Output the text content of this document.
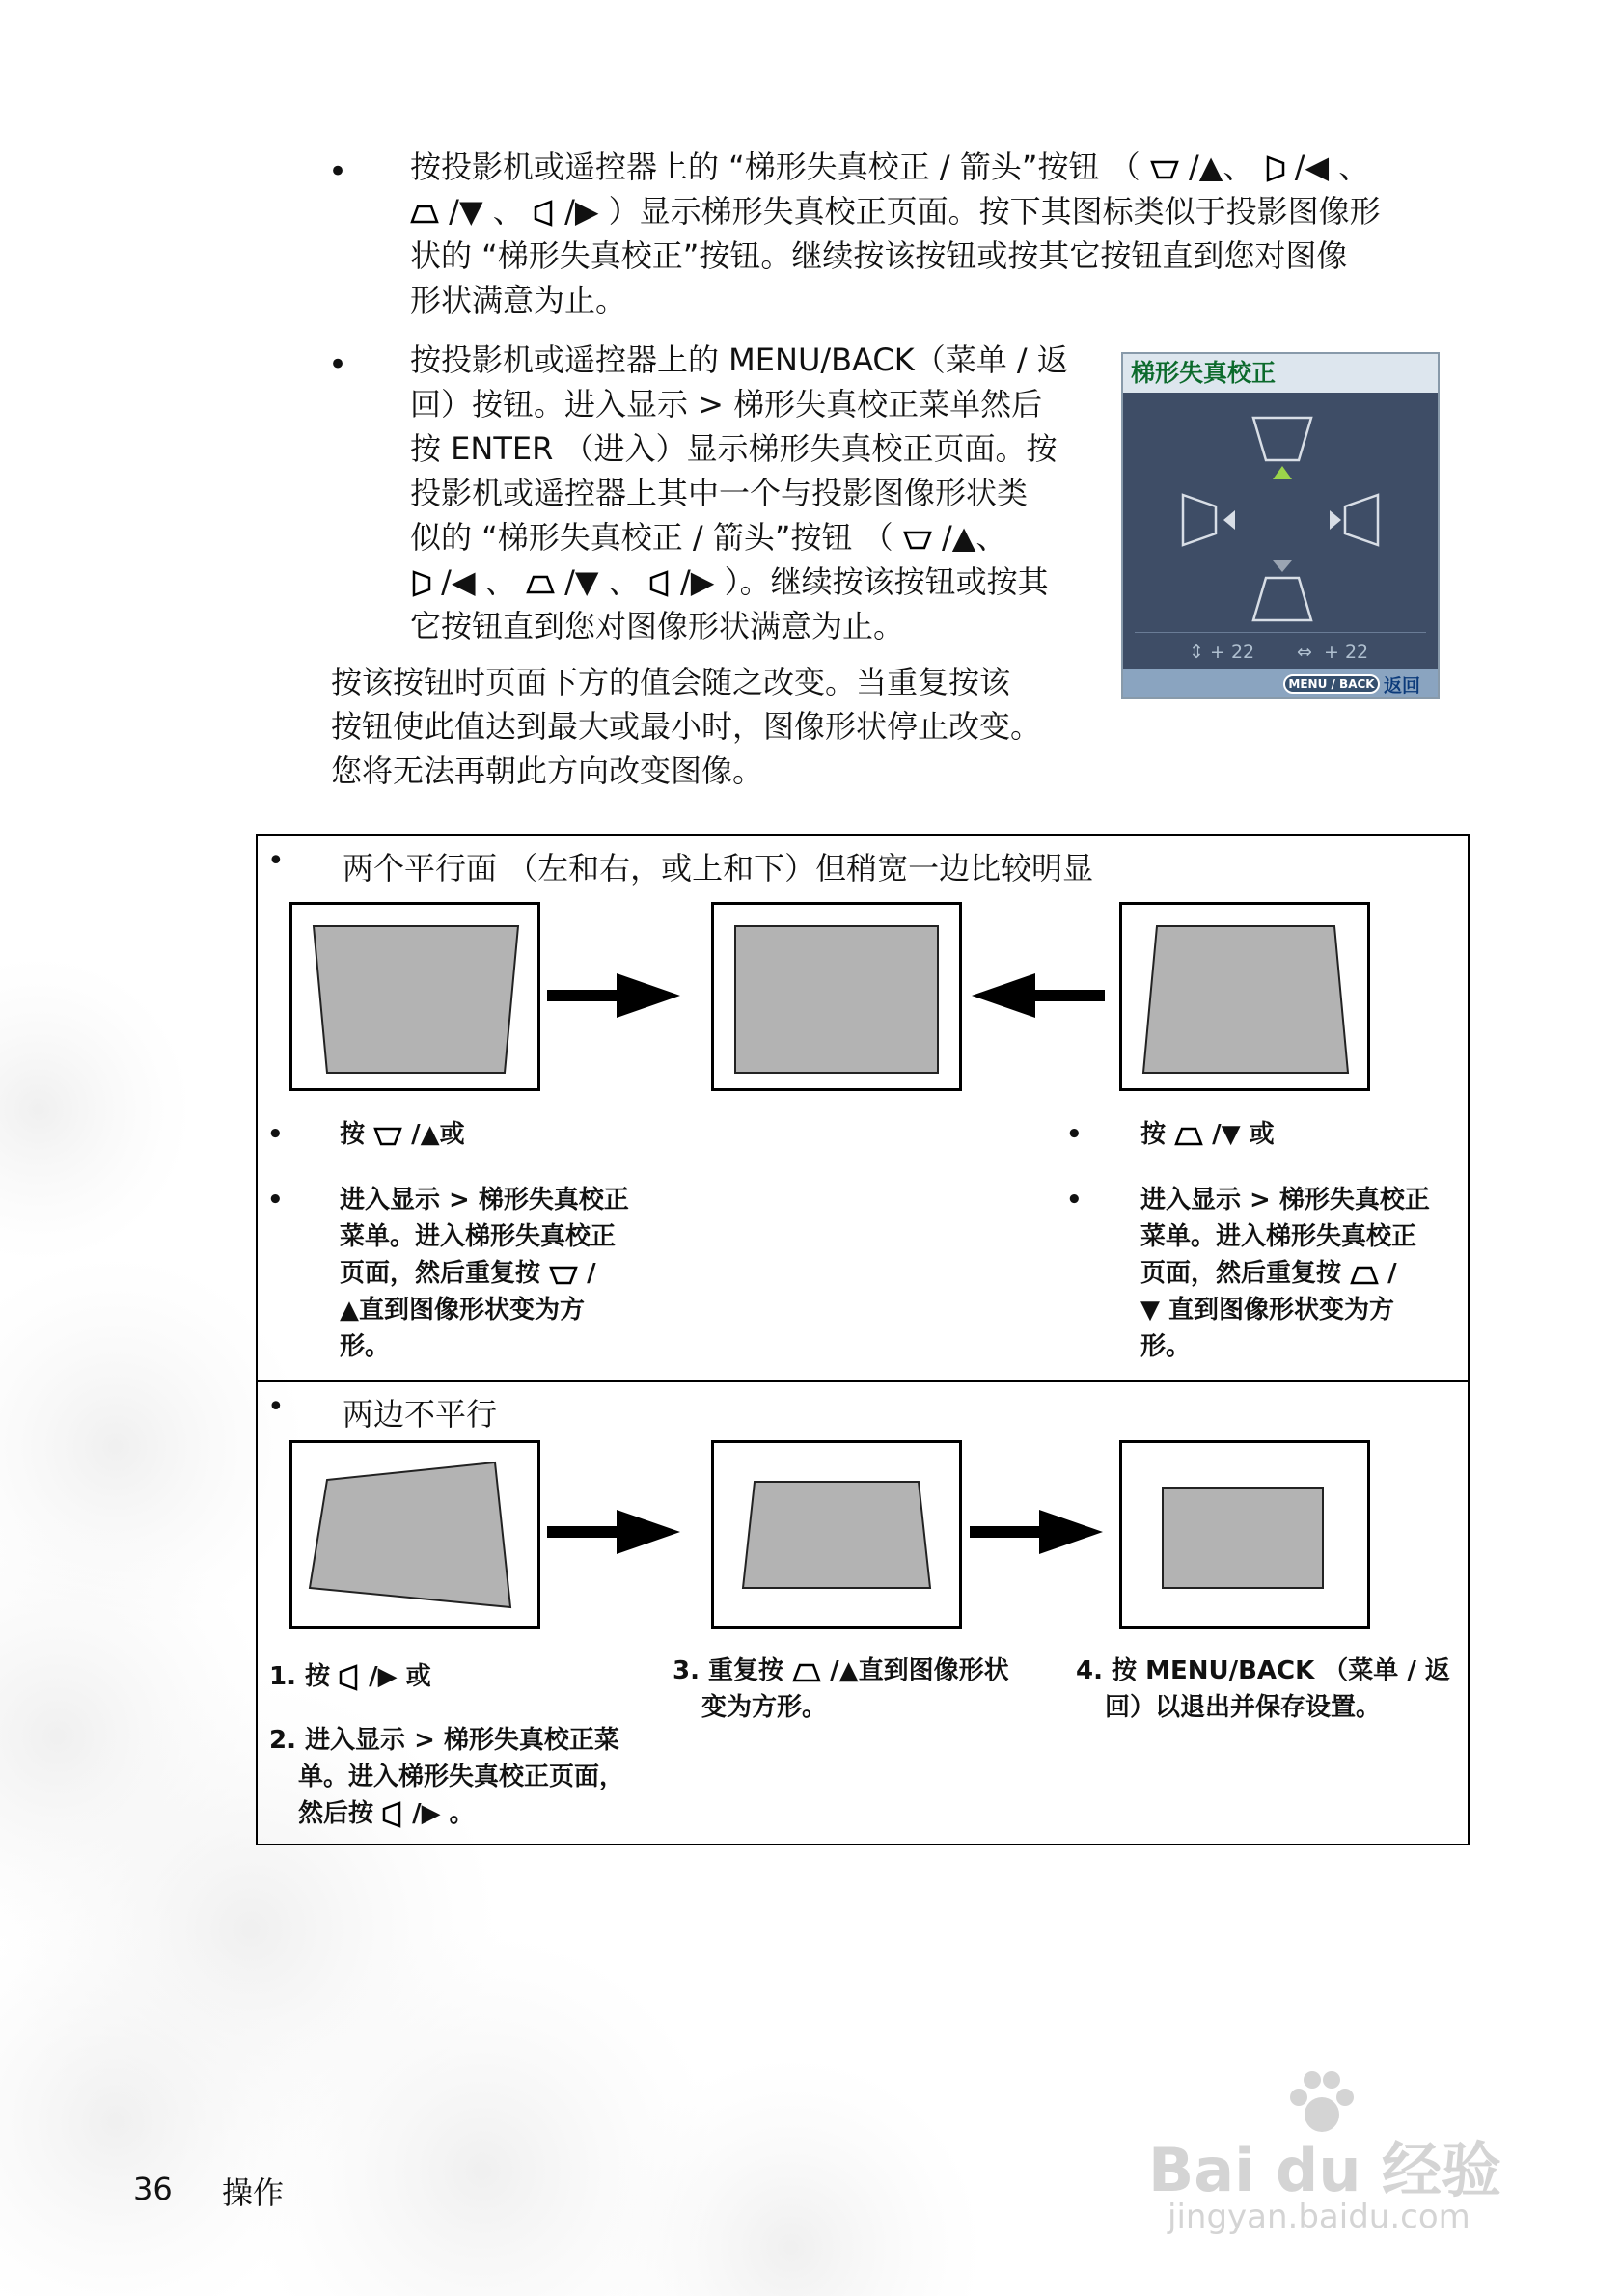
• 按投影机或遥控器上的 “梯形失真校正 / 箭头”按钮 （ /▲、 /◀ 、
/▼ 、 /▶ ）显示梯形失真校正页面。按下其图标类似于投影图像形
状的 “梯形失真校正”按钮。继续按该按钮或按其它按钮直到您对图像
形状满意为止。
• 按投影机或遥控器上的 MENU/BACK（菜单 / 返
回）按钮。进入显示 > 梯形失真校正菜单然后
按 ENTER （进入）显示梯形失真校正页面。按
投影机或遥控器上其中一个与投影图像形状类
似的 “梯形失真校正 / 箭头”按钮 （ /▲、
/◀ 、 /▼ 、 /▶ ）。继续按该按钮或按其
它按钮直到您对图像形状满意为止。
按该按钮时页面下方的值会随之改变。当重复按该
按钮使此值达到最大或最小时，图像形状停止改变。
您将无法再朝此方向改变图像。
梯形失真校正
⇕ + 22 ⇔ + 22
MENU / BACK 返回
• 两个平行面 （左和右，或上和下）但稍宽一边比较明显
• 按 /▲或
• 进入显示 > 梯形失真校正
菜单。进入梯形失真校正
页面，然后重复按 /
▲直到图像形状变为方
形。
• 按 /▼ 或
• 进入显示 > 梯形失真校正
菜单。进入梯形失真校正
页面，然后重复按 /
▼ 直到图像形状变为方
形。
• 两边不平行
1. 按 /▶ 或
2. 进入显示 > 梯形失真校正菜
单。进入梯形失真校正页面，
然后按 /▶ 。
3. 重复按 /▲直到图像形状
变为方形。
4. 按 MENU/BACK （菜单 / 返
回）以退出并保存设置。
36 操作	Bai du 经验
jingyan.baidu.com
